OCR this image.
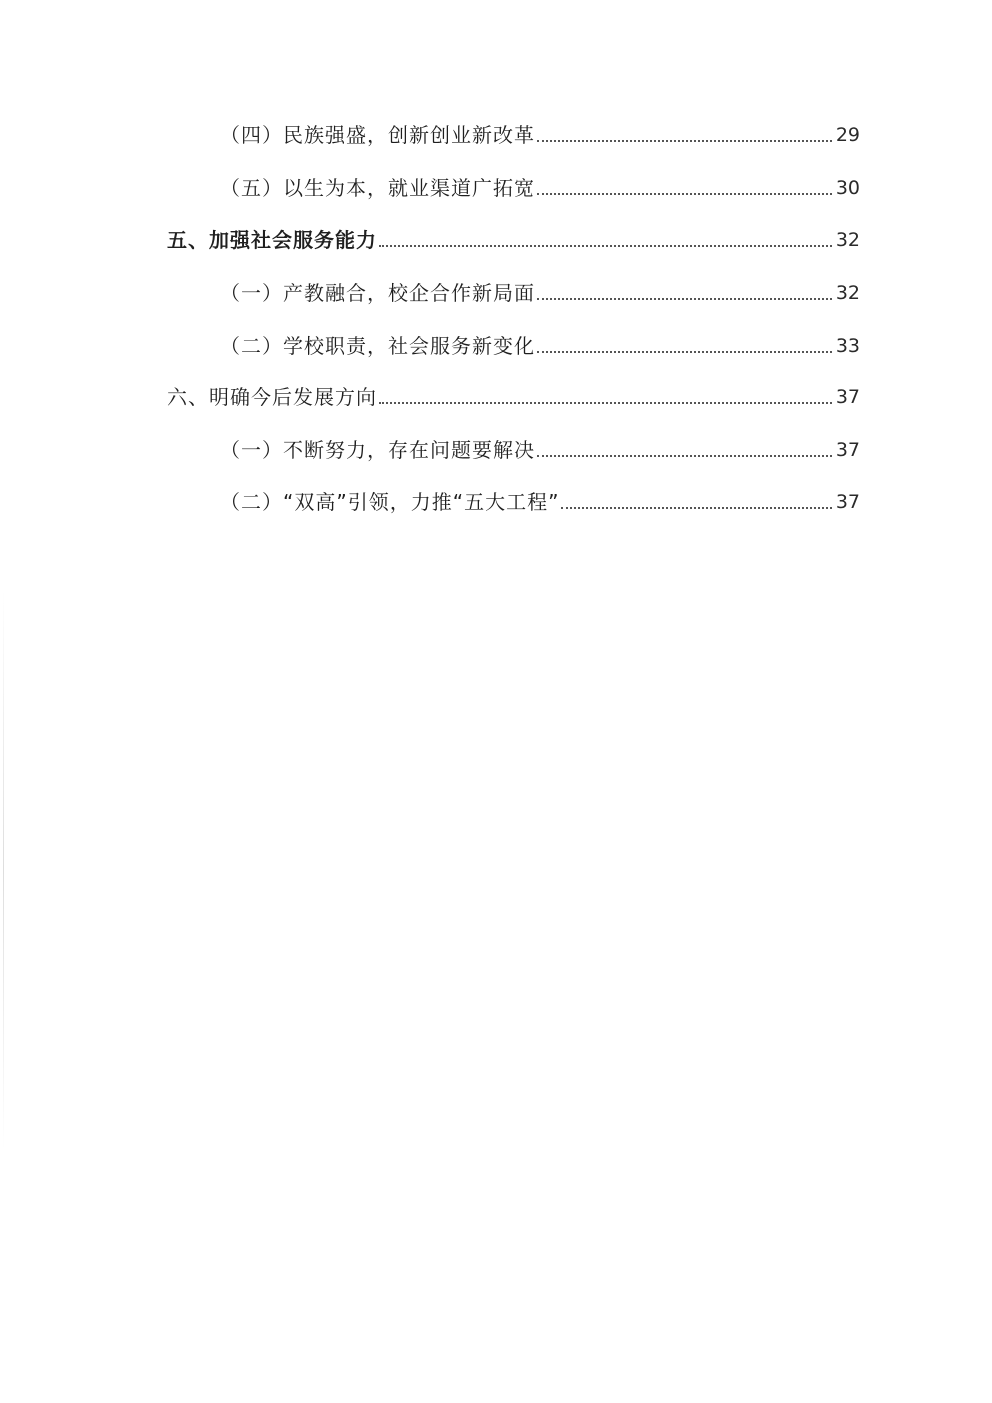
（四）民族强盛，创新创业新改革	29
（五）以生为本，就业渠道广拓宽	30
五、加强社会服务能力	32
（一）产教融合，校企合作新局面	32
（二）学校职责，社会服务新变化	33
六、明确今后发展方向	37
（一）不断努力，存在问题要解决	37
（二）“双高”引领，力推“五大工程”	37
